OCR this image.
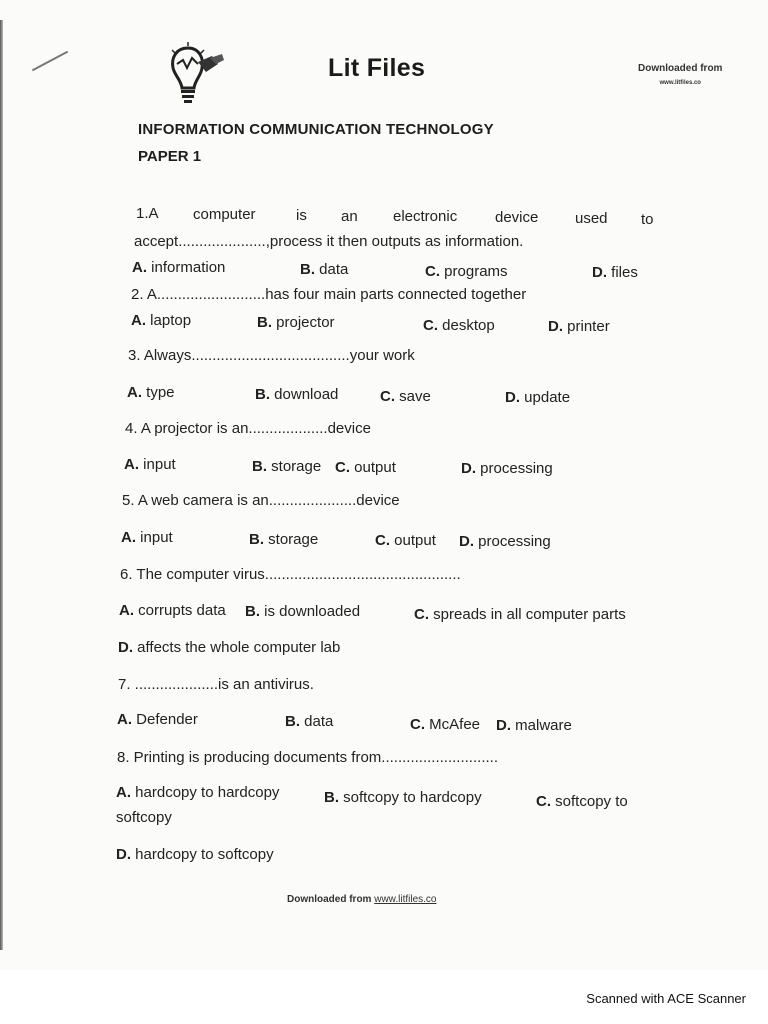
Lit Files	Downloaded from
www.litfiles.co
INFORMATION COMMUNICATION TECHNOLOGY
PAPER 1
1.A computer	is an electronic	device used to
accept.....................,process it then outputs as information.
A. information	B. data	C. programs	D. files
2. A..........................has four main parts connected together
A. laptop	B. projector	C. desktop	D. printer
3. Always......................................your work
A. type	B. download	C. save	D. update
4. A projector is an...................device
A. input	B. storage C. output	D. processing
5. A web camera is an.....................device
A. input	B. storage	C. output D. processing
6. The computer virus...............................................
A. corrupts data B. is downloaded	C. spreads in all computer parts
D. affects the whole computer lab
7. ....................is an antivirus.
A. Defender	B. data	C. McAfee D. malware
8. Printing is producing documents from............................
A. hardcopy to hardcopy	B. softcopy to hardcopy	C. softcopy to
softcopy
D. hardcopy to softcopy
Downloaded from www.litfiles.co
Scanned with ACE Scanner
